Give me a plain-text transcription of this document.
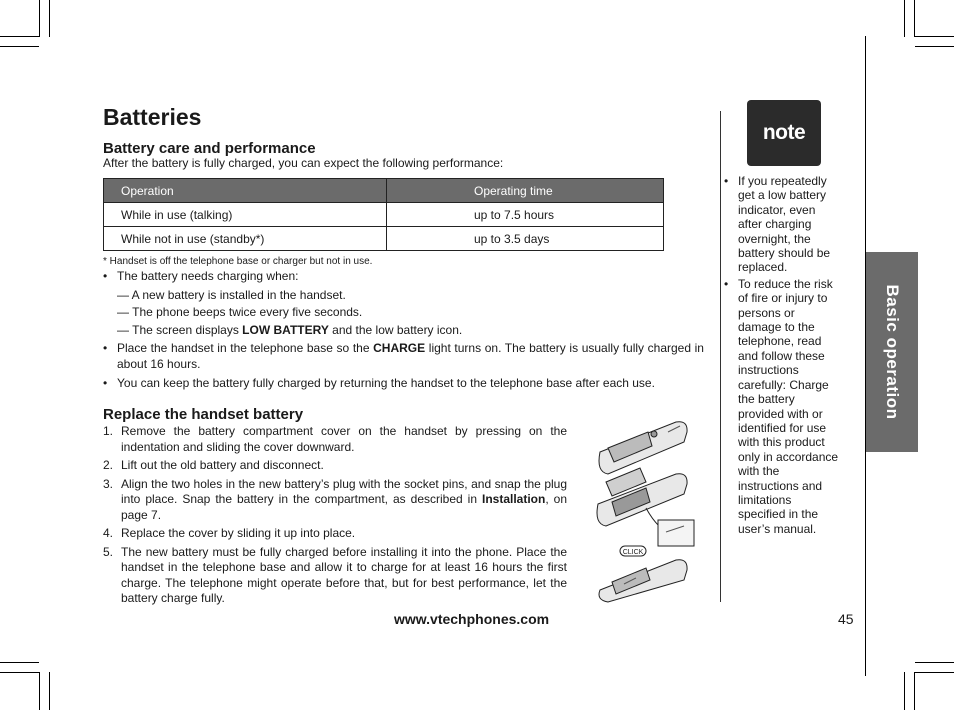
Basic operation
Batteries
Battery care and performance
After the battery is fully charged, you can expect the following performance:
Operation	Operating time
While in use (talking)	up to 7.5 hours
While not in use (standby*)	up to 3.5 days
* Handset is off the telephone base or charger but not in use.
• The battery needs charging when:
— A new battery is installed in the handset.
— The phone beeps twice every five seconds.
— The screen displays LOW BATTERY and the low battery icon.
• Place the handset in the telephone base so the CHARGE light turns on. The battery is usually fully charged in about 16 hours.
• You can keep the battery fully charged by returning the handset to the telephone base after each use.
Replace the handset battery
1. Remove the battery compartment cover on the handset by pressing on the indentation and sliding the cover downward.
2. Lift out the old battery and disconnect.
3. Align the two holes in the new battery’s plug with the socket pins, and snap the plug into place. Snap the battery in the compartment, as described in Installation, on page 7.
4. Replace the cover by sliding it up into place.
5. The new battery must be fully charged before installing it into the phone. Place the handset in the telephone base and allow it to charge for at least 16 hours the first charge. The telephone might operate before that, but for best performance, let the battery charge fully.
CLICK
note
• If you repeatedly get a low battery indicator, even after charging overnight, the battery should be replaced.
• To reduce the risk of fire or injury to persons or damage to the telephone, read and follow these instructions carefully: Charge the battery provided with or identified for use with this product only in accordance with the instructions and limitations specified in the user’s manual.
www.vtechphones.com	45
